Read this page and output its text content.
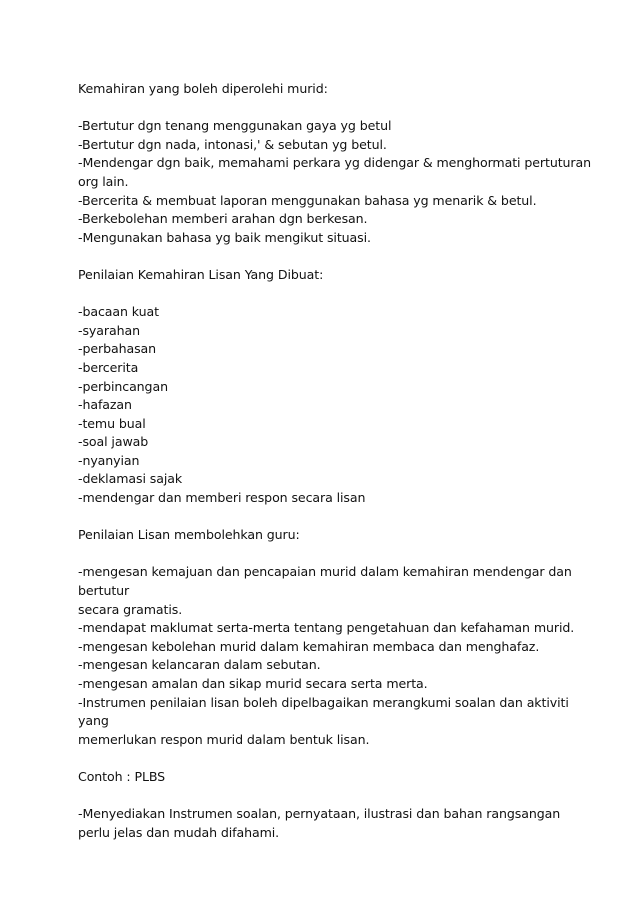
Kemahiran yang boleh diperolehi murid:
-Bertutur dgn tenang menggunakan gaya yg betul
-Bertutur dgn nada, intonasi,' & sebutan yg betul.
-Mendengar dgn baik, memahami perkara yg didengar & menghormati pertuturan
org lain.
-Bercerita & membuat laporan menggunakan bahasa yg menarik & betul.
-Berkebolehan memberi arahan dgn berkesan.
-Mengunakan bahasa yg baik mengikut situasi.
Penilaian Kemahiran Lisan Yang Dibuat:
-bacaan kuat
-syarahan
-perbahasan
-bercerita
-perbincangan
-hafazan
-temu bual
-soal jawab
-nyanyian
-deklamasi sajak
-mendengar dan memberi respon secara lisan
Penilaian Lisan membolehkan guru:
-mengesan kemajuan dan pencapaian murid dalam kemahiran mendengar dan
bertutur
secara gramatis.
-mendapat maklumat serta-merta tentang pengetahuan dan kefahaman murid.
-mengesan kebolehan murid dalam kemahiran membaca dan menghafaz.
-mengesan kelancaran dalam sebutan.
-mengesan amalan dan sikap murid secara serta merta.
-Instrumen penilaian lisan boleh dipelbagaikan merangkumi soalan dan aktiviti
yang
memerlukan respon murid dalam bentuk lisan.
Contoh : PLBS
-Menyediakan Instrumen soalan, pernyataan, ilustrasi dan bahan rangsangan
perlu jelas dan mudah difahami.
